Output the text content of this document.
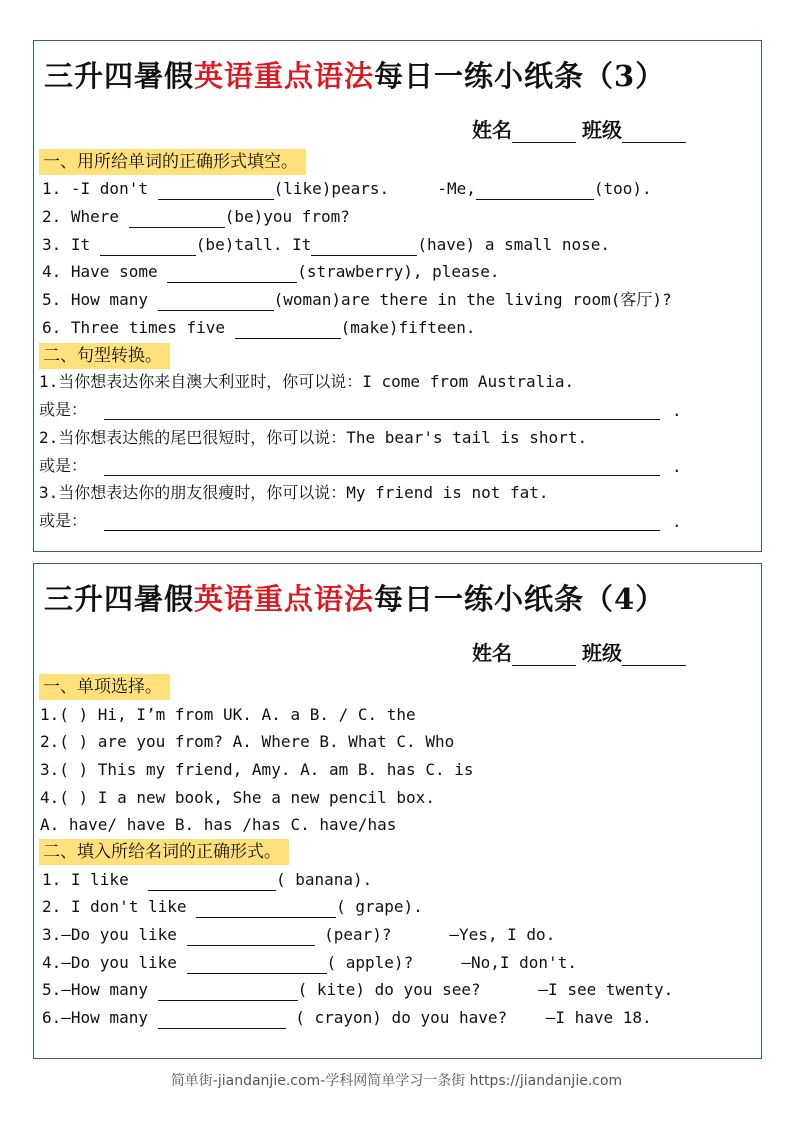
三升四暑假英语重点语法每日一练小纸条（3）
姓名	班级
一、用所给单词的正确形式填空。
1. -I don't	(like)pears.     -Me,	(too).
2. Where	(be)you from?
3. It	(be)tall. It	(have) a small nose.
4. Have some	(strawberry), please.
5. How many	(woman)are there in the living room(客厅)?
6. Three times five	(make)fifteen.
二、句型转换。
1.当你想表达你来自澳大利亚时，你可以说：I come from Australia.
或是：	.
2.当你想表达熊的尾巴很短时，你可以说：The bear's tail is short.
或是：	.
3.当你想表达你的朋友很瘦时，你可以说：My friend is not fat.
或是：	.
三升四暑假英语重点语法每日一练小纸条（4）
姓名	班级
一、单项选择。
1.( ) Hi, I’m from UK. A. a B. / C. the
2.( ) are you from? A. Where B. What C. Who
3.( ) This my friend, Amy. A. am B. has C. is
4.( ) I a new book, She a new pencil box.
A. have/ have B. has /has C. have/has
二、填入所给名词的正确形式。
1. I like	( banana).
2. I don't like	( grape).
3.—Do you like	(pear)?      —Yes, I do.
4.—Do you like	( apple)?     —No,I don't.
5.—How many	( kite) do you see?      —I see twenty.
6.—How many	( crayon) do you have?    —I have 18.
简单街-jiandanjie.com-学科网简单学习一条街 https://jiandanjie.com
